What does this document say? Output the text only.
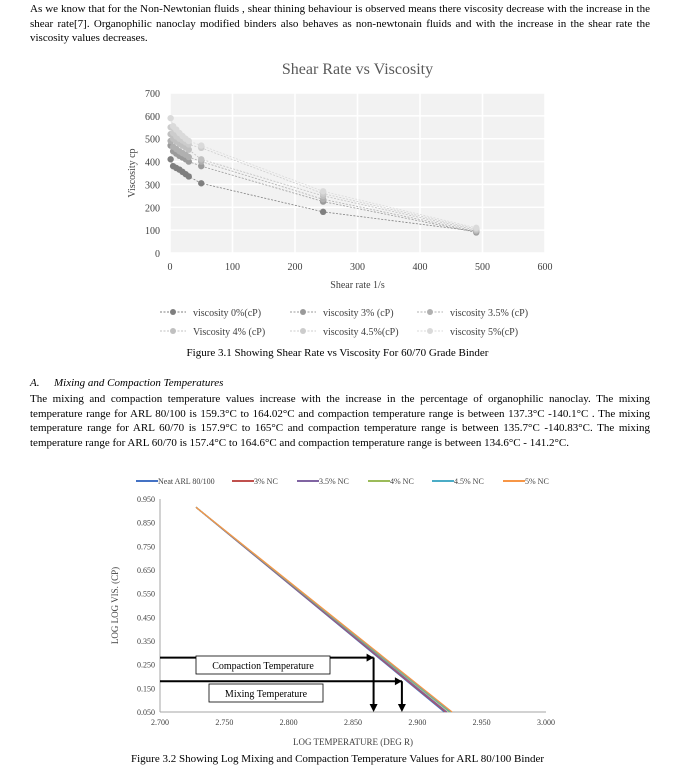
As we know that for the Non-Newtonian fluids , shear thining behaviour is observed means there viscosity decrease with the increase in the shear rate[7]. Organophilic nanoclay modified binders also behaves as non-newtonain fluids and with the increase in the shear rate the viscosity values decreases.

Shear Rate vs Viscosity
0
100
200
300
400
500
600
700
0	100	200	300	400	500	600
Shear rate 1/s
Viscosity cp
viscosity 0%(cP)	viscosity 3% (cP)	viscosity 3.5% (cP)
Viscosity 4% (cP)	viscosity 4.5%(cP)	viscosity 5%(cP)

Figure 3.1 Showing Shear Rate vs Viscosity For 60/70 Grade Binder

A. Mixing and Compaction Temperatures

The mixing and compaction temperature values increase with the increase in the percentage of organophilic nanoclay. The mixing temperature range for ARL 80/100 is 159.3°C to 164.02°C and compaction temperature range is between 137.3°C -140.1°C . The mixing temperature range for ARL 60/70 is 157.9°C to 165°C and compaction temperature range is between 135.7°C -140.83°C. The mixing temperature range for ARL 60/70 is 157.4°C to 164.6°C and compaction temperature range is between 134.6°C - 141.2°C.

0.050
0.150
0.250
0.350
0.450
0.550
0.650
0.750
0.850
0.950
2.700	2.750	2.800	2.850	2.900	2.950	3.000
LOG TEMPERATURE (DEG R)
LOG LOG VIS. (CP)
Neat ARL 80/100	3% NC	3.5% NC	4% NC	4.5% NC	5% NC
Compaction Temperature
Mixing Temperature

Figure 3.2 Showing Log Mixing and Compaction Temperature Values for ARL 80/100 Binder
